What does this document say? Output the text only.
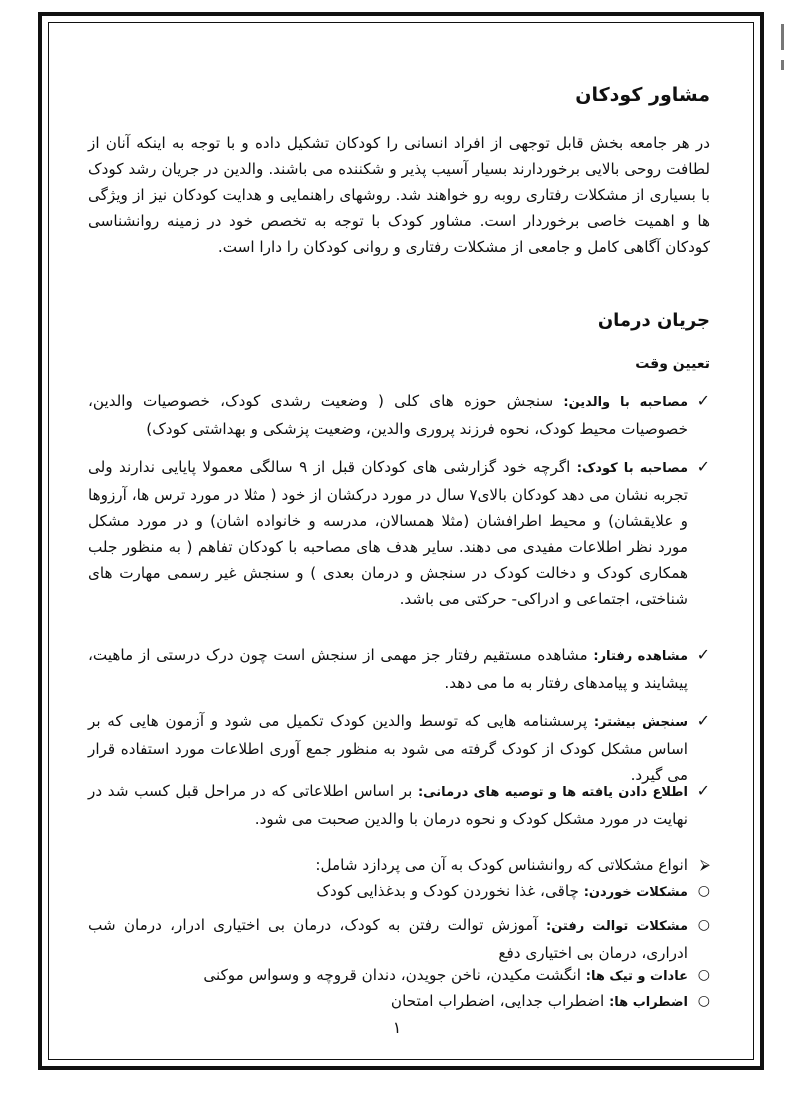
مشاور کودکان

در هر جامعه بخش قابل توجهی از افراد انسانی را کودکان تشکیل داده و با توجه به اینکه آنان از لطافت روحی بالایی برخوردارند بسیار آسیب پذیر و شکننده می باشند. والدین در جریان رشد کودک با بسیاری از مشکلات رفتاری روبه رو خواهند شد. روشهای راهنمایی و هدایت کودکان نیز از ویژگی ها و اهمیت خاصی برخوردار است. مشاور کودک با توجه به تخصص خود در زمینه روانشناسی کودکان آگاهی کامل و جامعی از مشکلات رفتاری و روانی کودکان را دارا است.

جریان درمان
تعیین وقت
✓
مصاحبه با والدین: سنجش حوزه های کلی ( وضعیت رشدی کودک، خصوصیات والدین، خصوصیات محیط کودک، نحوه فرزند پروری والدین، وضعیت پزشکی و بهداشتی کودک)
✓
مصاحبه با کودک: اگرچه خود گزارشی های کودکان قبل از ۹ سالگی معمولا پایایی ندارند ولی تجربه نشان می دهد کودکان بالای۷ سال در مورد درکشان از خود ( مثلا در مورد ترس ها، آرزوها و علایقشان) و محیط اطرافشان (مثلا همسالان، مدرسه و خانواده اشان) و در مورد مشکل مورد نظر اطلاعات مفیدی می دهند. سایر هدف های مصاحبه با کودکان تفاهم ( به منظور جلب همکاری کودک و دخالت کودک در سنجش و درمان بعدی ) و سنجش غیر رسمی مهارت های شناختی، اجتماعی و ادراکی- حرکتی می باشد.
✓
مشاهده رفتار: مشاهده مستقیم رفتار جز مهمی از سنجش است چون درک درستی از ماهیت، پیشایند و پیامدهای رفتار به ما می دهد.
✓
سنجش بیشتر: پرسشنامه هایی که توسط والدین کودک تکمیل می شود و آزمون هایی که بر اساس مشکل کودک از کودک گرفته می شود به منظور جمع آوری اطلاعات مورد استفاده قرار می گیرد.
✓
اطلاع دادن یافته ها و توصیه های درمانی: بر اساس اطلاعاتی که در مراحل قبل کسب شد در نهایت در مورد مشکل کودک و نحوه درمان با والدین صحبت می شود.
⮚
انواع مشکلاتی که روانشناس کودک به آن می پردازد شامل:
○
مشکلات خوردن: چاقی، غذا نخوردن کودک و بدغذایی کودک
○
مشکلات توالت رفتن: آموزش توالت رفتن به کودک، درمان بی اختیاری ادرار، درمان شب ادراری، درمان بی اختیاری دفع
○
عادات و تیک ها: انگشت مکیدن، ناخن جویدن، دندان قروچه و وسواس موکنی
○
اضطراب ها: اضطراب جدایی، اضطراب امتحان
۱
